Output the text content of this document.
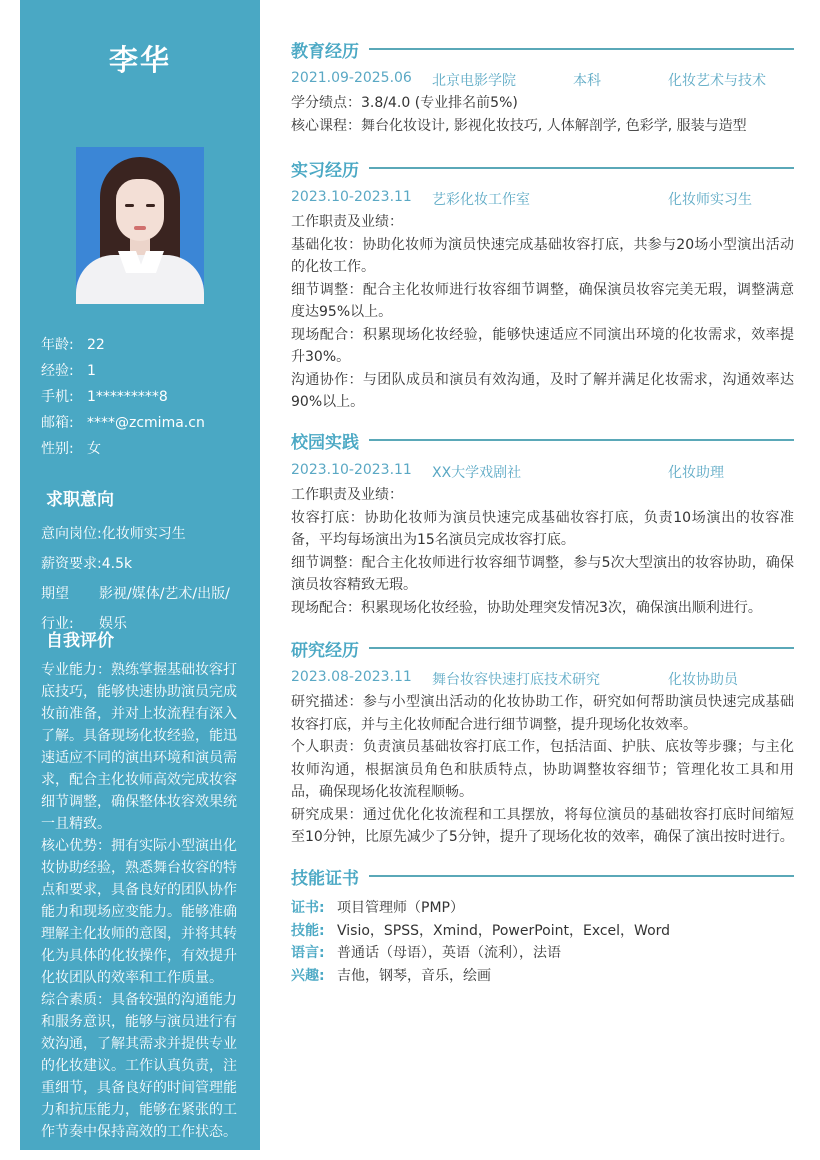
李华
年龄: 22
经验: 1
手机: 1*********8
邮箱: ****@zcmima.cn
性别: 女
求职意向
意向岗位: 化妆师实习生
薪资要求: 4.5k
期望行业:
影视/媒体/艺术/出版/娱乐
自我评价

专业能力：熟练掌握基础妆容打底技巧，能够快速协助演员完成妆前准备，并对上妆流程有深入了解。具备现场化妆经验，能迅速适应不同的演出环境和演员需求，配合主化妆师高效完成妆容细节调整，确保整体妆容效果统一且精致。

核心优势：拥有实际小型演出化妆协助经验，熟悉舞台妆容的特点和要求，具备良好的团队协作能力和现场应变能力。能够准确理解主化妆师的意图，并将其转化为具体的化妆操作，有效提升化妆团队的效率和工作质量。

综合素质：具备较强的沟通能力和服务意识，能够与演员进行有效沟通，了解其需求并提供专业的化妆建议。工作认真负责，注重细节，具备良好的时间管理能力和抗压能力，能够在紧张的工作节奏中保持高效的工作状态。

教育经历
2021.09-2025.06 北京电影学院	本科	化妆艺术与技术

学分绩点：3.8/4.0 (专业排名前5%)

核心课程：舞台化妆设计, 影视化妆技巧, 人体解剖学, 色彩学, 服装与造型

实习经历
2023.10-2023.11 艺彩化妆工作室	化妆师实习生

工作职责及业绩：

基础化妆：协助化妆师为演员快速完成基础妆容打底，共参与20场小型演出活动的化妆工作。

细节调整：配合主化妆师进行妆容细节调整，确保演员妆容完美无瑕，调整满意度达95%以上。

现场配合：积累现场化妆经验，能够快速适应不同演出环境的化妆需求，效率提升30%。

沟通协作：与团队成员和演员有效沟通，及时了解并满足化妆需求，沟通效率达90%以上。

校园实践
2023.10-2023.11 XX大学戏剧社	化妆助理

工作职责及业绩：

妆容打底：协助化妆师为演员快速完成基础妆容打底，负责10场演出的妆容准备，平均每场演出为15名演员完成妆容打底。

细节调整：配合主化妆师进行妆容细节调整，参与5次大型演出的妆容协助，确保演员妆容精致无瑕。

现场配合：积累现场化妆经验，协助处理突发情况3次，确保演出顺利进行。

研究经历
2023.08-2023.11 舞台妆容快速打底技术研究	化妆协助员

研究描述：参与小型演出活动的化妆协助工作，研究如何帮助演员快速完成基础妆容打底，并与主化妆师配合进行细节调整，提升现场化妆效率。

个人职责：负责演员基础妆容打底工作，包括洁面、护肤、底妆等步骤；与主化妆师沟通，根据演员角色和肤质特点，协助调整妆容细节；管理化妆工具和用品，确保现场化妆流程顺畅。

研究成果：通过优化化妆流程和工具摆放，将每位演员的基础妆容打底时间缩短至10分钟，比原先减少了5分钟，提升了现场化妆的效率，确保了演出按时进行。

技能证书
证书: 项目管理师（PMP）
技能: Visio，SPSS，Xmind，PowerPoint，Excel，Word
语言: 普通话（母语），英语（流利），法语
兴趣: 吉他，钢琴，音乐，绘画
